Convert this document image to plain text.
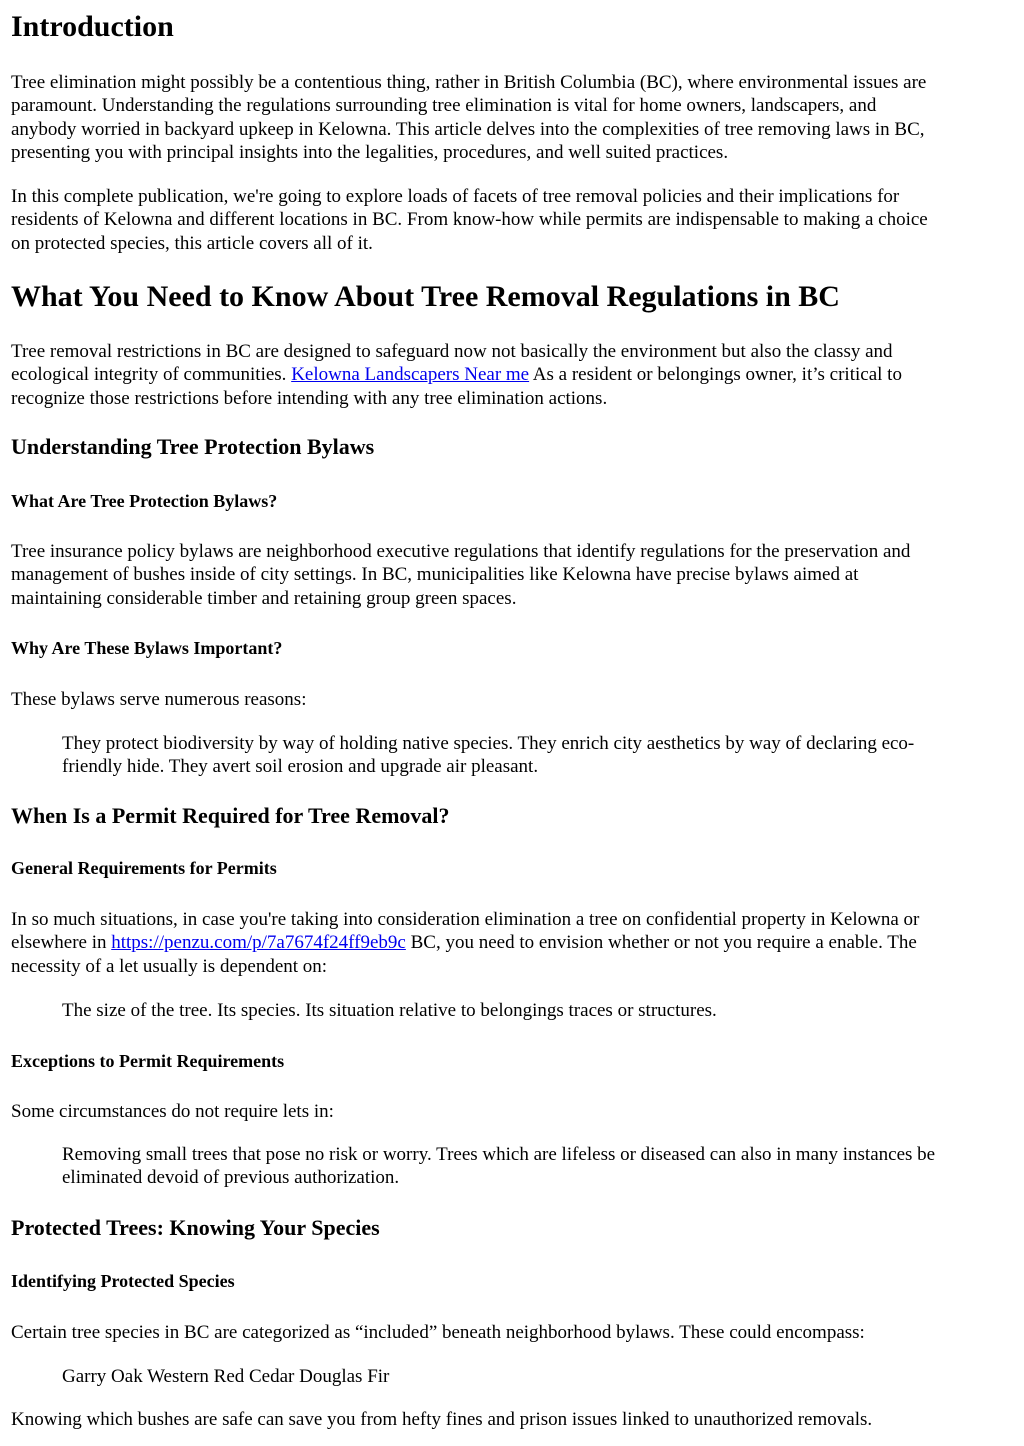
Introduction
Tree elimination might possibly be a contentious thing, rather in British Columbia (BC), where environmental issues are
paramount. Understanding the regulations surrounding tree elimination is vital for home owners, landscapers, and
anybody worried in backyard upkeep in Kelowna. This article delves into the complexities of tree removing laws in BC,
presenting you with principal insights into the legalities, procedures, and well suited practices.
In this complete publication, we're going to explore loads of facets of tree removal policies and their implications for
residents of Kelowna and different locations in BC. From know-how while permits are indispensable to making a choice
on protected species, this article covers all of it.
What You Need to Know About Tree Removal Regulations in BC
Tree removal restrictions in BC are designed to safeguard now not basically the environment but also the classy and
ecological integrity of communities. Kelowna Landscapers Near me As a resident or belongings owner, it’s critical to
recognize those restrictions before intending with any tree elimination actions.
Understanding Tree Protection Bylaws
What Are Tree Protection Bylaws?
Tree insurance policy bylaws are neighborhood executive regulations that identify regulations for the preservation and
management of bushes inside of city settings. In BC, municipalities like Kelowna have precise bylaws aimed at
maintaining considerable timber and retaining group green spaces.
Why Are These Bylaws Important?
These bylaws serve numerous reasons:
They protect biodiversity by way of holding native species. They enrich city aesthetics by way of declaring eco-
friendly hide. They avert soil erosion and upgrade air pleasant.
When Is a Permit Required for Tree Removal?
General Requirements for Permits
In so much situations, in case you're taking into consideration elimination a tree on confidential property in Kelowna or
elsewhere in https://penzu.com/p/7a7674f24ff9eb9c BC, you need to envision whether or not you require a enable. The
necessity of a let usually is dependent on:
The size of the tree. Its species. Its situation relative to belongings traces or structures.
Exceptions to Permit Requirements
Some circumstances do not require lets in:
Removing small trees that pose no risk or worry. Trees which are lifeless or diseased can also in many instances be
eliminated devoid of previous authorization.
Protected Trees: Knowing Your Species
Identifying Protected Species
Certain tree species in BC are categorized as “included” beneath neighborhood bylaws. These could encompass:
Garry Oak Western Red Cedar Douglas Fir
Knowing which bushes are safe can save you from hefty fines and prison issues linked to unauthorized removals.
